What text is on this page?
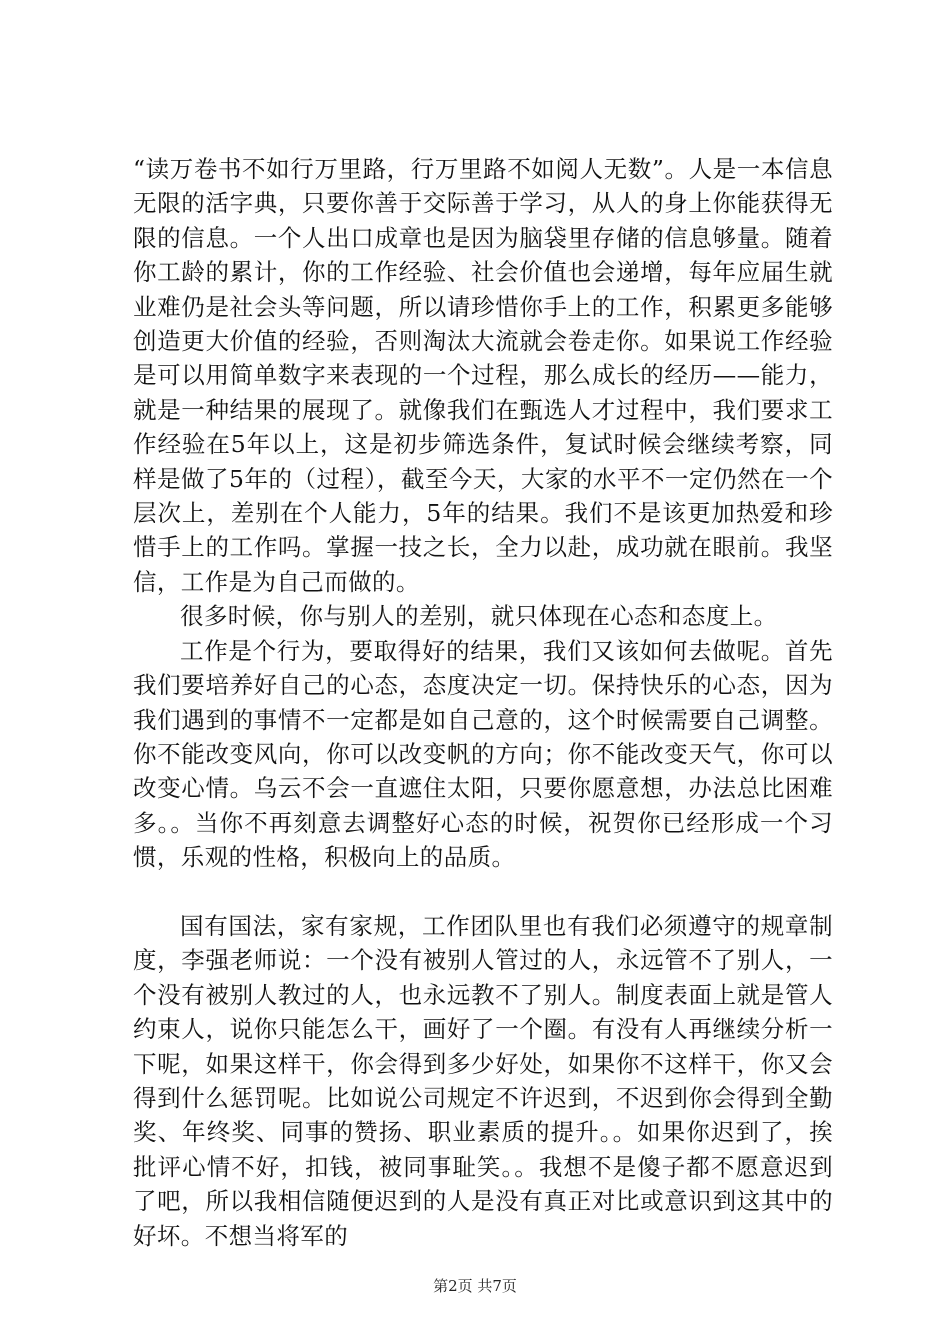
“读万卷书不如行万里路，行万里路不如阅人无数”。人是一本信息无限的活字典，只要你善于交际善于学习，从人的身上你能获得无限的信息。一个人出口成章也是因为脑袋里存储的信息够量。随着你工龄的累计，你的工作经验、社会价值也会递增，每年应届生就业难仍是社会头等问题，所以请珍惜你手上的工作，积累更多能够创造更大价值的经验，否则淘汰大流就会卷走你。如果说工作经验是可以用简单数字来表现的一个过程，那么成长的经历——能力，就是一种结果的展现了。就像我们在甄选人才过程中，我们要求工作经验在5年以上，这是初步筛选条件，复试时候会继续考察，同样是做了5年的（过程），截至今天，大家的水平不一定仍然在一个层次上，差别在个人能力，5年的结果。我们不是该更加热爱和珍惜手上的工作吗。掌握一技之长，全力以赴，成功就在眼前。我坚信，工作是为自己而做的。

很多时候，你与别人的差别，就只体现在心态和态度上。

工作是个行为，要取得好的结果，我们又该如何去做呢。首先我们要培养好自己的心态，态度决定一切。保持快乐的心态，因为我们遇到的事情不一定都是如自己意的，这个时候需要自己调整。你不能改变风向，你可以改变帆的方向；你不能改变天气，你可以改变心情。乌云不会一直遮住太阳，只要你愿意想，办法总比困难多。。当你不再刻意去调整好心态的时候，祝贺你已经形成一个习惯，乐观的性格，积极向上的品质。

国有国法，家有家规，工作团队里也有我们必须遵守的规章制度，李强老师说：一个没有被别人管过的人，永远管不了别人，一个没有被别人教过的人，也永远教不了别人。制度表面上就是管人约束人，说你只能怎么干，画好了一个圈。有没有人再继续分析一下呢，如果这样干，你会得到多少好处，如果你不这样干，你又会得到什么惩罚呢。比如说公司规定不许迟到，不迟到你会得到全勤奖、年终奖、同事的赞扬、职业素质的提升。。如果你迟到了，挨批评心情不好，扣钱，被同事耻笑。。我想不是傻子都不愿意迟到了吧，所以我相信随便迟到的人是没有真正对比或意识到这其中的好坏。不想当将军的

第2页 共7页
